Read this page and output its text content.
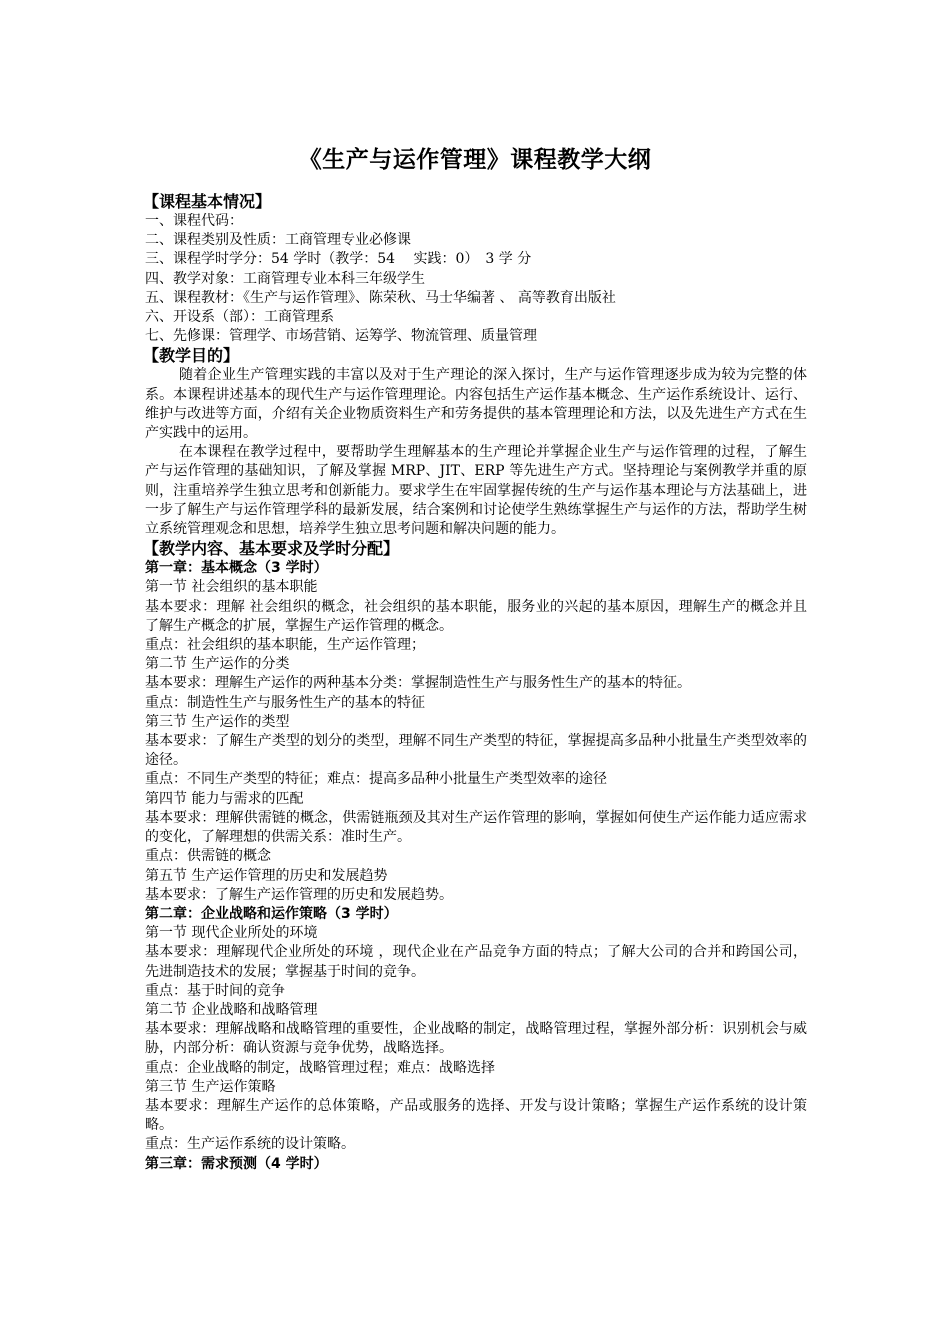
《生产与运作管理》课程教学大纲
【课程基本情况】
一、课程代码：
二、课程类别及性质：工商管理专业必修课
三、课程学时学分：54 学时（教学：54　 实践：0）　3 学 分
四、教学对象：工商管理专业本科三年级学生
五、课程教材：《生产与运作管理》、陈荣秋、马士华编著 、 高等教育出版社
六、开设系（部）：工商管理系
七、先修课：管理学、市场营销、运筹学、物流管理、质量管理
【教学目的】
随着企业生产管理实践的丰富以及对于生产理论的深入探讨，生产与运作管理逐步成为较为完整的体系。本课程讲述基本的现代生产与运作管理理论。内容包括生产运作基本概念、生产运作系统设计、运行、维护与改进等方面，介绍有关企业物质资料生产和劳务提供的基本管理理论和方法，以及先进生产方式在生产实践中的运用。
在本课程在教学过程中，要帮助学生理解基本的生产理论并掌握企业生产与运作管理的过程，了解生产与运作管理的基础知识，了解及掌握 MRP、JIT、ERP 等先进生产方式。坚持理论与案例教学并重的原则，注重培养学生独立思考和创新能力。要求学生在牢固掌握传统的生产与运作基本理论与方法基础上，进一步了解生产与运作管理学科的最新发展，结合案例和讨论使学生熟练掌握生产与运作的方法，帮助学生树立系统管理观念和思想，培养学生独立思考问题和解决问题的能力。
【教学内容、基本要求及学时分配】
第一章：基本概念（3 学时）
第一节 社会组织的基本职能
基本要求：理解 社会组织的概念，社会组织的基本职能，服务业的兴起的基本原因，理解生产的概念并且了解生产概念的扩展，掌握生产运作管理的概念。
重点：社会组织的基本职能，生产运作管理；
第二节 生产运作的分类
基本要求：理解生产运作的两种基本分类：掌握制造性生产与服务性生产的基本的特征。
重点：制造性生产与服务性生产的基本的特征
第三节 生产运作的类型
基本要求：了解生产类型的划分的类型，理解不同生产类型的特征，掌握提高多品种小批量生产类型效率的途径。
重点：不同生产类型的特征；难点：提高多品种小批量生产类型效率的途径
第四节 能力与需求的匹配
基本要求：理解供需链的概念，供需链瓶颈及其对生产运作管理的影响，掌握如何使生产运作能力适应需求的变化，了解理想的供需关系：准时生产。
重点：供需链的概念
第五节 生产运作管理的历史和发展趋势
基本要求：了解生产运作管理的历史和发展趋势。
第二章：企业战略和运作策略（3 学时）
第一节 现代企业所处的环境
基本要求：理解现代企业所处的环境 ，现代企业在产品竞争方面的特点；了解大公司的合并和跨国公司，先进制造技术的发展；掌握基于时间的竞争。
重点：基于时间的竞争
第二节 企业战略和战略管理
基本要求：理解战略和战略管理的重要性，企业战略的制定，战略管理过程，掌握外部分析：识别机会与威胁，内部分析：确认资源与竞争优势，战略选择。
重点：企业战略的制定，战略管理过程；难点：战略选择
第三节 生产运作策略
基本要求：理解生产运作的总体策略，产品或服务的选择、开发与设计策略；掌握生产运作系统的设计策略。
重点：生产运作系统的设计策略。
第三章：需求预测（4 学时）
